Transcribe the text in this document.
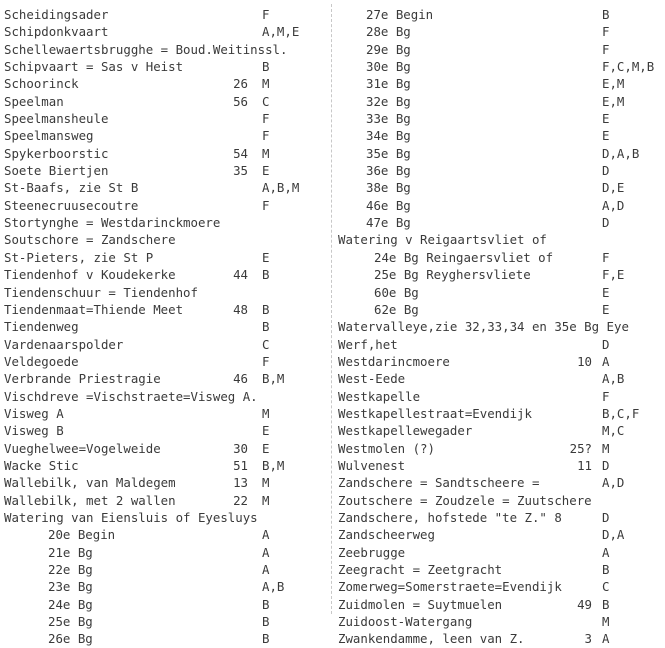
Scheidingsader	F
Schipdonkvaart	A,M,E
Schellewaertsbrugghe = Boud.Weitinssl.
Schipvaart = Sas v Heist	B
Schoorinck	26 M
Speelman	56 C
Speelmansheule	F
Speelmansweg	F
Spykerboorstic	54 M
Soete Biertjen	35 E
St-Baafs, zie St B	A,B,M
Steenecruusecoutre	F
Stortynghe = Westdarinckmoere
Soutschore = Zandschere
St-Pieters, zie St P	E
Tiendenhof v Koudekerke	44 B
Tiendenschuur = Tiendenhof
Tiendenmaat=Thiende Meet	48 B
Tiendenweg	B
Vardenaarspolder	C
Veldegoede	F
Verbrande Priestragie	46 B,M
Vischdreve =Vischstraete=Visweg A.
Visweg A	M
Visweg B	E
Vueghelwee=Vogelweide	30 E
Wacke Stic	51 B,M
Wallebilk, van Maldegem	13 M
Wallebilk, met 2 wallen	22 M
Watering van Eiensluis of Eyesluys
20e Begin	A
21e Bg	A
22e Bg	A
23e Bg	A,B
24e Bg	B
25e Bg	B
26e Bg	B
27e Begin	B
28e Bg	F
29e Bg	F
30e Bg	F,C,M,B
31e Bg	E,M
32e Bg	E,M
33e Bg	E
34e Bg	E
35e Bg	D,A,B
36e Bg	D
38e Bg	D,E
46e Bg	A,D
47e Bg	D
Watering v Reigaartsvliet of
24e Bg Reingaersvliet of	F
25e Bg Reyghersvliete	F,E
60e Bg	E
62e Bg	E
Watervalleye,zie 32,33,34 en 35e Bg Eye
Werf,het	D
Westdarincmoere	10 A
West-Eede	A,B
Westkapelle	F
Westkapellestraat=Evendijk	B,C,F
Westkapellewegader	M,C
Westmolen (?)	25? M
Wulvenest	11 D
Zandschere = Sandtscheere =	A,D
Zoutschere = Zoudzele = Zuutschere
Zandschere, hofstede "te Z." 8	D
Zandscheerweg	D,A
Zeebrugge	A
Zeegracht = Zeetgracht	B
Zomerweg=Somerstraete=Evendijk	C
Zuidmolen = Suytmuelen	49 B
Zuidoost-Watergang	M
Zwankendamme, leen van Z.	3 A
